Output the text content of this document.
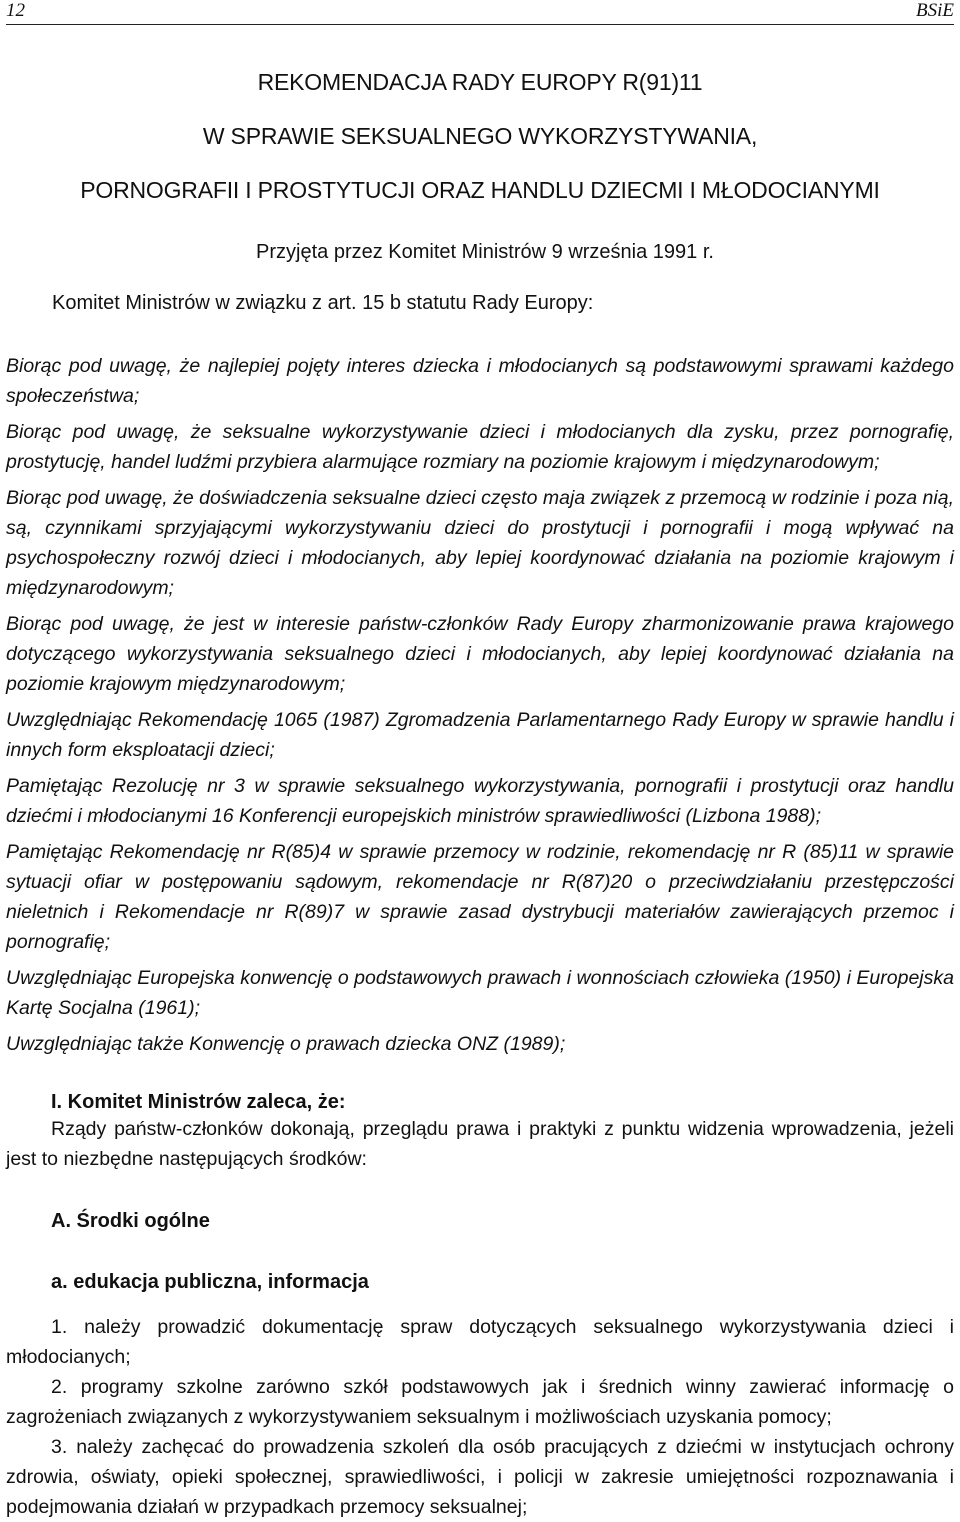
12	BSiE
REKOMENDACJA RADY EUROPY R(91)11
W SPRAWIE SEKSUALNEGO WYKORZYSTYWANIA,
PORNOGRAFII I PROSTYTUCJI ORAZ HANDLU DZIECMI I MŁODOCIANYMI
Przyjęta przez Komitet Ministrów 9 września 1991 r.
Komitet Ministrów w związku z art. 15 b statutu Rady Europy:

Biorąc pod uwagę, że najlepiej pojęty interes dziecka i młodocianych są podstawowymi sprawami każdego społeczeństwa;

Biorąc pod uwagę, że seksualne wykorzystywanie dzieci i młodocianych dla zysku, przez pornografię, prostytucję, handel ludźmi przybiera alarmujące rozmiary na poziomie krajowym i międzynarodowym;

Biorąc pod uwagę, że doświadczenia seksualne dzieci często maja związek z przemocą w rodzinie i poza nią, są, czynnikami sprzyjającymi wykorzystywaniu dzieci do prostytucji i pornografii i mogą wpływać na psychospołeczny rozwój dzieci i młodocianych, aby lepiej koordynować działania na poziomie krajowym i międzynarodowym;

Biorąc pod uwagę, że jest w interesie państw-członków Rady Europy zharmonizowanie prawa krajowego dotyczącego wykorzystywania seksualnego dzieci i młodocianych, aby lepiej koordynować działania na poziomie krajowym międzynarodowym;

Uwzględniając Rekomendację 1065 (1987) Zgromadzenia Parlamentarnego Rady Europy w sprawie handlu i innych form eksploatacji dzieci;

Pamiętając Rezolucję nr 3 w sprawie seksualnego wykorzystywania, pornografii i prostytucji oraz handlu dziećmi i młodocianymi 16 Konferencji europejskich ministrów sprawiedliwości (Lizbona 1988);

Pamiętając Rekomendację nr R(85)4 w sprawie przemocy w rodzinie, rekomendację nr R (85)11 w sprawie sytuacji ofiar w postępowaniu sądowym, rekomendacje nr R(87)20 o przeciwdziałaniu przestępczości nieletnich i Rekomendacje nr R(89)7 w sprawie zasad dystrybucji materiałów zawierających przemoc i pornografię;

Uwzględniając Europejska konwencję o podstawowych prawach i wonnościach człowieka (1950) i Europejska Kartę Socjalna (1961);

Uwzględniając także Konwencję o prawach dziecka ONZ (1989);

I. Komitet Ministrów zaleca, że:
Rządy państw-członków dokonają, przeglądu prawa i praktyki z punktu widzenia wprowadzenia, jeżeli jest to niezbędne następujących środków:
A. Środki ogólne
a. edukacja publiczna, informacja

1. należy prowadzić dokumentację spraw dotyczących seksualnego wykorzystywania dzieci i młodocianych;

2. programy szkolne zarówno szkół podstawowych jak i średnich winny zawierać informację o zagrożeniach związanych z wykorzystywaniem seksualnym i możliwościach uzyskania pomocy;

3. należy zachęcać do prowadzenia szkoleń dla osób pracujących z dziećmi w instytucjach ochrony zdrowia, oświaty, opieki społecznej, sprawiedliwości, i policji w zakresie umiejętności rozpoznawania i podejmowania działań w przypadkach przemocy seksualnej;
